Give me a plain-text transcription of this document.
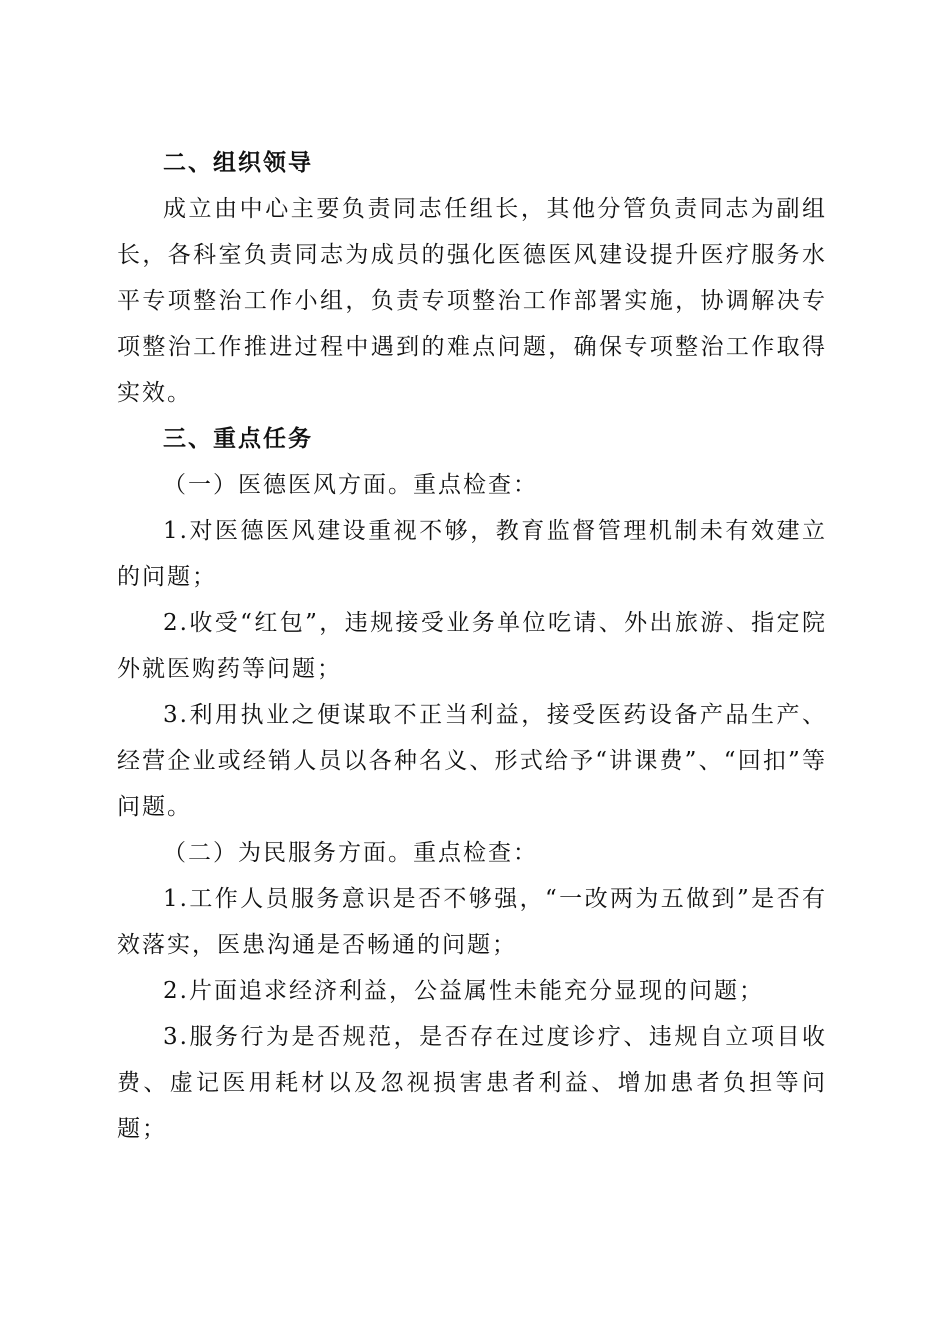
二、组织领导

成立由中心主要负责同志任组长，其他分管负责同志为副组长，各科室负责同志为成员的强化医德医风建设提升医疗服务水平专项整治工作小组，负责专项整治工作部署实施，协调解决专项整治工作推进过程中遇到的难点问题，确保专项整治工作取得实效。

三、重点任务

（一）医德医风方面。重点检查：

1.对医德医风建设重视不够，教育监督管理机制未有效建立的问题；

2.收受“红包”，违规接受业务单位吃请、外出旅游、指定院外就医购药等问题；

3.利用执业之便谋取不正当利益，接受医药设备产品生产、经营企业或经销人员以各种名义、形式给予“讲课费”、“回扣”等问题。

（二）为民服务方面。重点检查：

1.工作人员服务意识是否不够强，“一改两为五做到”是否有效落实，医患沟通是否畅通的问题；

2.片面追求经济利益，公益属性未能充分显现的问题；

3.服务行为是否规范，是否存在过度诊疗、违规自立项目收费、虚记医用耗材以及忽视损害患者利益、增加患者负担等问题；
